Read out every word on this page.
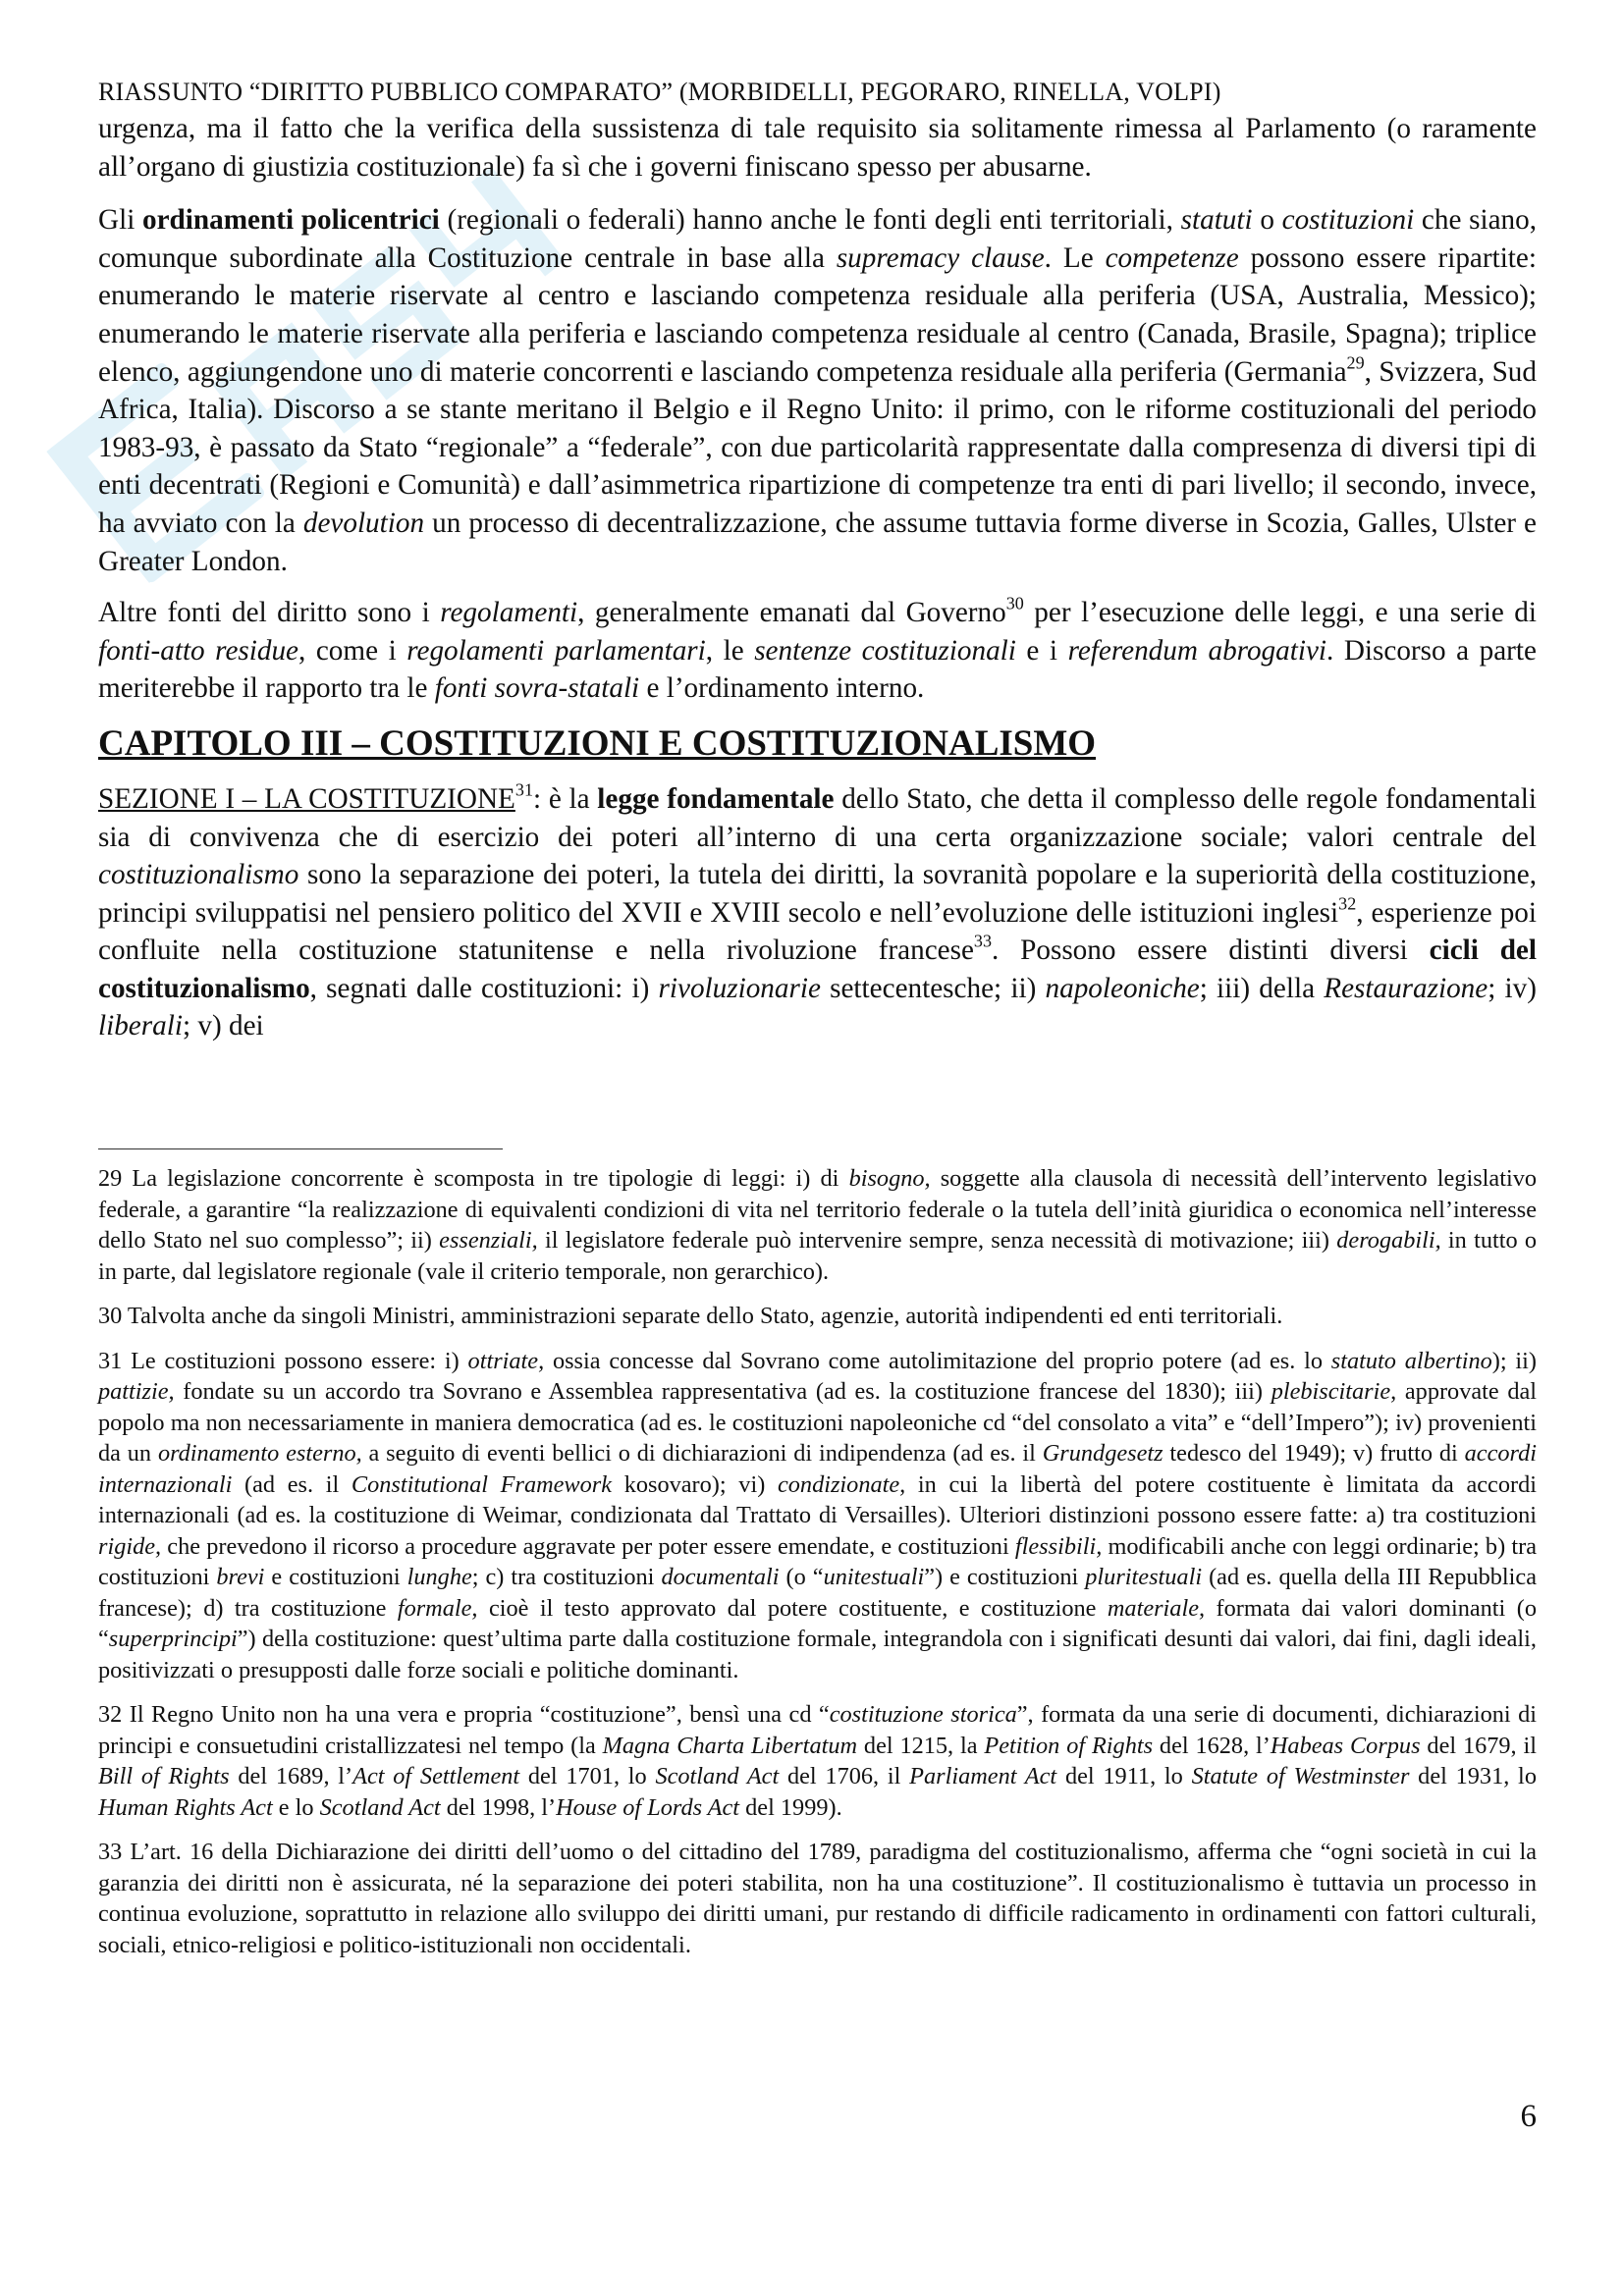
RIASSUNTO “DIRITTO PUBBLICO COMPARATO” (MORBIDELLI, PEGORARO, RINELLA, VOLPI)

urgenza, ma il fatto che la verifica della sussistenza di tale requisito sia solitamente rimessa al Parlamento (o raramente all’organo di giustizia costituzionale) fa sì che i governi finiscano spesso per abusarne.

Gli ordinamenti policentrici (regionali o federali) hanno anche le fonti degli enti territoriali, statuti o costituzioni che siano, comunque subordinate alla Costituzione centrale in base alla supremacy clause. Le competenze possono essere ripartite: enumerando le materie riservate al centro e lasciando competenza residuale alla periferia (USA, Australia, Messico); enumerando le materie riservate alla periferia e lasciando competenza residuale al centro (Canada, Brasile, Spagna); triplice elenco, aggiungendone uno di materie concorrenti e lasciando competenza residuale alla periferia (Germania$^{29}$, Svizzera, Sud Africa, Italia). Discorso a se stante meritano il Belgio e il Regno Unito: il primo, con le riforme costituzionali del periodo 1983-93, è passato da Stato “regionale” a “federale”, con due particolarità rappresentate dalla compresenza di diversi tipi di enti decentrati (Regioni e Comunità) e dall’asimmetrica ripartizione di competenze tra enti di pari livello; il secondo, invece, ha avviato con la devolution un processo di decentralizzazione, che assume tuttavia forme diverse in Scozia, Galles, Ulster e Greater London.

Altre fonti del diritto sono i regolamenti, generalmente emanati dal Governo$^{30}$ per l’esecuzione delle leggi, e una serie di fonti-atto residue, come i regolamenti parlamentari, le sentenze costituzionali e i referendum abrogativi. Discorso a parte meriterebbe il rapporto tra le fonti sovra-statali e l’ordinamento interno.

CAPITOLO III – COSTITUZIONI E COSTITUZIONALISMO

SEZIONE I – LA COSTITUZIONE$^{31}$: è la legge fondamentale dello Stato, che detta il complesso delle regole fondamentali sia di convivenza che di esercizio dei poteri all’interno di una certa organizzazione sociale; valori centrale del costituzionalismo sono la separazione dei poteri, la tutela dei diritti, la sovranità popolare e la superiorità della costituzione, principi sviluppatisi nel pensiero politico del XVII e XVIII secolo e nell’evoluzione delle istituzioni inglesi$^{32}$, esperienze poi confluite nella costituzione statunitense e nella rivoluzione francese$^{33}$. Possono essere distinti diversi cicli del costituzionalismo, segnati dalle costituzioni: i) rivoluzionarie settecentesche; ii) napoleoniche; iii) della Restaurazione; iv) liberali; v) dei

29 La legislazione concorrente è scomposta in tre tipologie di leggi: i) di bisogno, soggette alla clausola di necessità dell’intervento legislativo federale, a garantire “la realizzazione di equivalenti condizioni di vita nel territorio federale o la tutela dell’inità giuridica o economica nell’interesse dello Stato nel suo complesso”; ii) essenziali, il legislatore federale può intervenire sempre, senza necessità di motivazione; iii) derogabili, in tutto o in parte, dal legislatore regionale (vale il criterio temporale, non gerarchico).

30 Talvolta anche da singoli Ministri, amministrazioni separate dello Stato, agenzie, autorità indipendenti ed enti territoriali.

31 Le costituzioni possono essere: i) ottriate, ossia concesse dal Sovrano come autolimitazione del proprio potere (ad es. lo statuto albertino); ii) pattizie, fondate su un accordo tra Sovrano e Assemblea rappresentativa (ad es. la costituzione francese del 1830); iii) plebiscitarie, approvate dal popolo ma non necessariamente in maniera democratica (ad es. le costituzioni napoleoniche cd “del consolato a vita” e “dell’Impero”); iv) provenienti da un ordinamento esterno, a seguito di eventi bellici o di dichiarazioni di indipendenza (ad es. il Grundgesetz tedesco del 1949); v) frutto di accordi internazionali (ad es. il Constitutional Framework kosovaro); vi) condizionate, in cui la libertà del potere costituente è limitata da accordi internazionali (ad es. la costituzione di Weimar, condizionata dal Trattato di Versailles). Ulteriori distinzioni possono essere fatte: a) tra costituzioni rigide, che prevedono il ricorso a procedure aggravate per poter essere emendate, e costituzioni flessibili, modificabili anche con leggi ordinarie; b) tra costituzioni brevi e costituzioni lunghe; c) tra costituzioni documentali (o “unitestuali”) e costituzioni pluritestuali (ad es. quella della III Repubblica francese); d) tra costituzione formale, cioè il testo approvato dal potere costituente, e costituzione materiale, formata dai valori dominanti (o “superprincipi”) della costituzione: quest’ultima parte dalla costituzione formale, integrandola con i significati desunti dai valori, dai fini, dagli ideali, positivizzati o presupposti dalle forze sociali e politiche dominanti.

32 Il Regno Unito non ha una vera e propria “costituzione”, bensì una cd “costituzione storica”, formata da una serie di documenti, dichiarazioni di principi e consuetudini cristallizzatesi nel tempo (la Magna Charta Libertatum del 1215, la Petition of Rights del 1628, l’Habeas Corpus del 1679, il Bill of Rights del 1689, l’Act of Settlement del 1701, lo Scotland Act del 1706, il Parliament Act del 1911, lo Statute of Westminster del 1931, lo Human Rights Act e lo Scotland Act del 1998, l’House of Lords Act del 1999).

33 L’art. 16 della Dichiarazione dei diritti dell’uomo o del cittadino del 1789, paradigma del costituzionalismo, afferma che “ogni società in cui la garanzia dei diritti non è assicurata, né la separazione dei poteri stabilita, non ha una costituzione”. Il costituzionalismo è tuttavia un processo in continua evoluzione, soprattutto in relazione allo sviluppo dei diritti umani, pur restando di difficile radicamento in ordinamenti con fattori culturali, sociali, etnico-religiosi e politico-istituzionali non occidentali.

6
